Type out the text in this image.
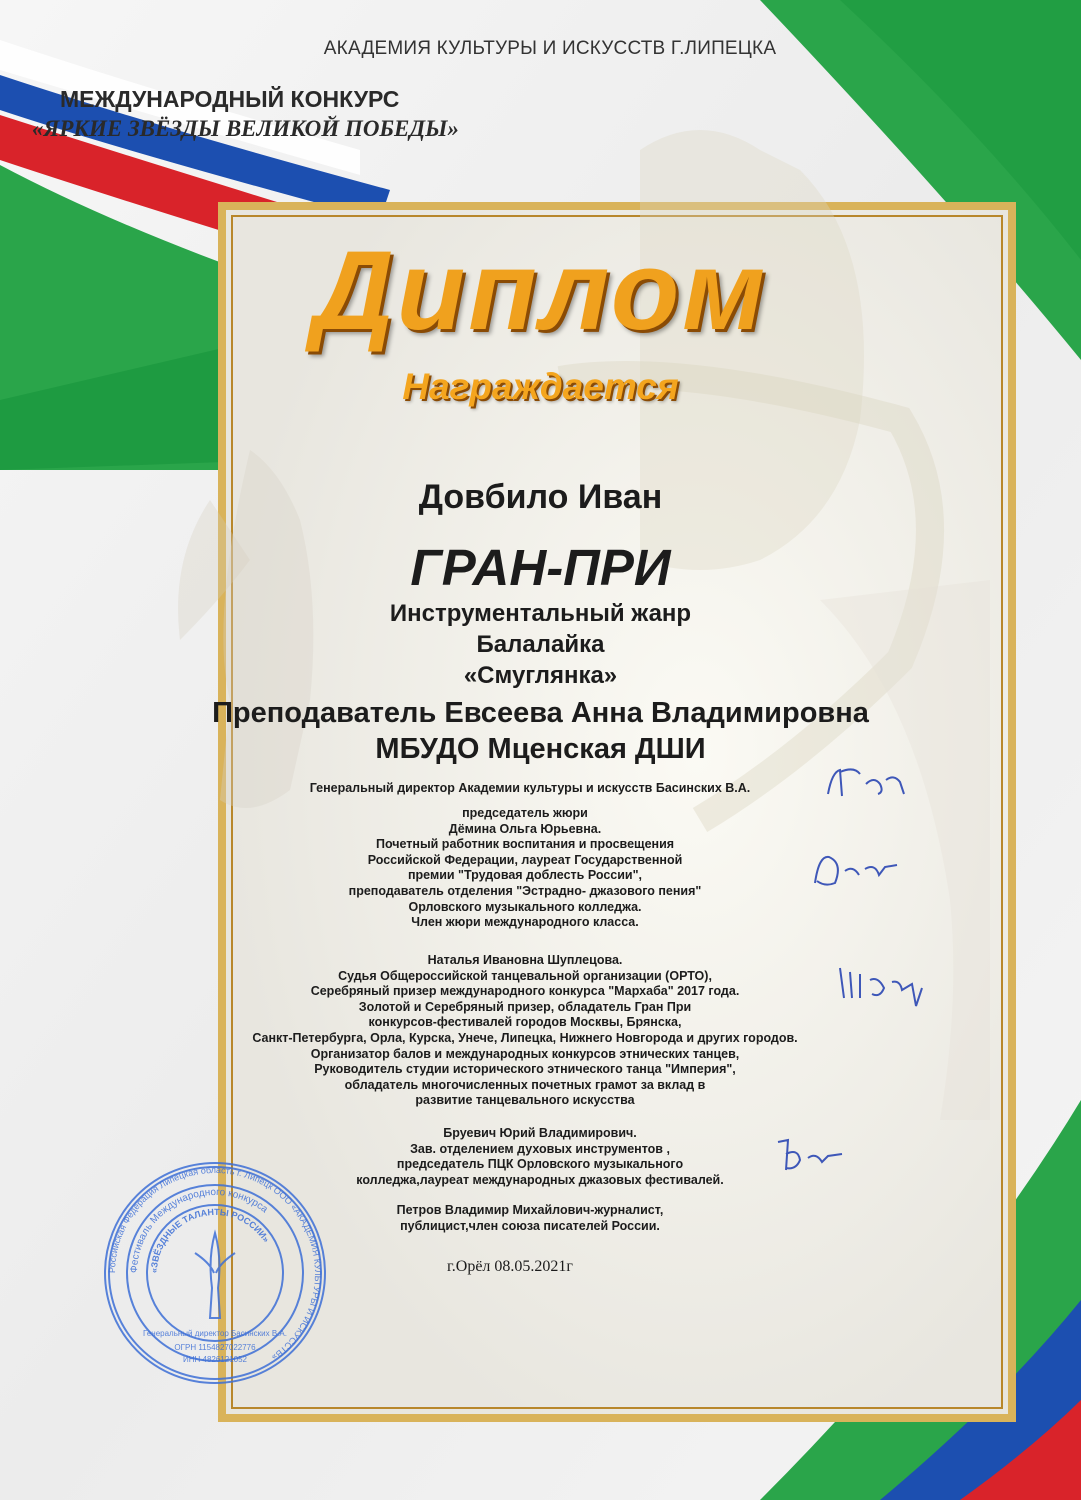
АКАДЕМИЯ КУЛЬТУРЫ И ИСКУССТВ Г.ЛИПЕЦКА
МЕЖДУНАРОДНЫЙ КОНКУРС
«ЯРКИЕ ЗВЁЗДЫ ВЕЛИКОЙ ПОБЕДЫ»
Диплом
Награждается
Довбило Иван
ГРАН-ПРИ
Инструментальный жанр
Балалайка
«Смуглянка»
Преподаватель Евсеева Анна Владимировна
МБУДО Мценская ДШИ
Генеральный директор Академии культуры и искусств Басинских В.А.
председатель жюри
Дёмина Ольга Юрьевна.
Почетный работник воспитания и просвещения
Российской Федерации, лауреат Государственной
премии "Трудовая доблесть России",
преподаватель отделения "Эстрадно- джазового пения"
Орловского музыкального колледжа.
Член жюри международного класса.
Наталья Ивановна Шуплецова.
Судья Общероссийской танцевальной организации (ОРТО),
Серебряный призер международного конкурса "Мархаба" 2017 года.
Золотой и Серебряный призер, обладатель Гран При
конкурсов-фестивалей городов Москвы, Брянска,
Санкт-Петербурга, Орла, Курска, Унече, Липецка, Нижнего Новгорода и других городов.
Организатор балов и международных конкурсов этнических танцев,
Руководитель студии исторического этнического танца "Империя",
обладатель многочисленных почетных грамот за вклад в
развитие танцевального искусства
Бруевич Юрий Владимирович.
Зав. отделением духовых инструментов ,
председатель ПЦК Орловского музыкального
колледжа,лауреат международных джазовых фестивалей.
Петров Владимир Михайлович-журналист,
публицист,член союза писателей России.
г.Орёл 08.05.2021г
Российская Федерация Липецкая область г. Липецк ООО «АКАДЕМИЯ КУЛЬТУРЫ И ИСКУССТВ»
Фестиваль Международного конкурса
«ЗВЁЗДНЫЕ ТАЛАНТЫ РОССИИ»
Генеральный директор Басинских В.А.
ОГРН 1154827022776
ИНН 4826121052
